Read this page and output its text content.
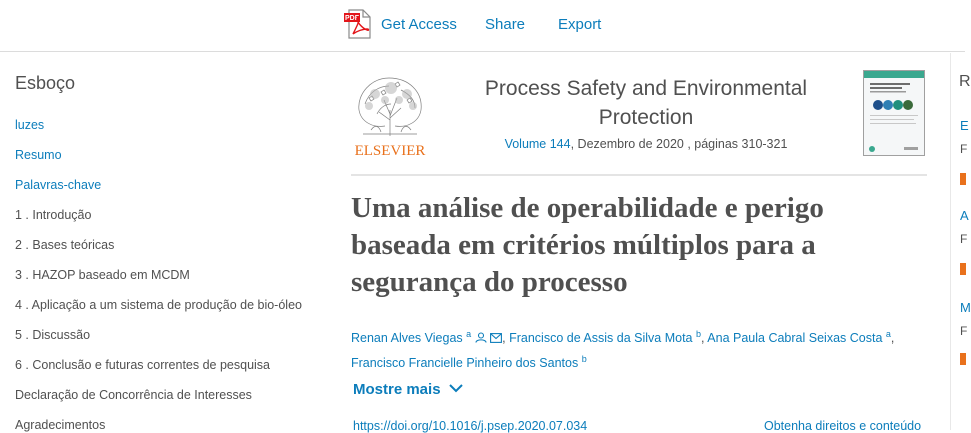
PDF Get Access Share Export
Esboço
luzes
Resumo
Palavras-chave
1 . Introdução
2 . Bases teóricas
3 . HAZOP baseado em MCDM
4 . Aplicação a um sistema de produção de bio-óleo
5 . Discussão
6 . Conclusão e futuras correntes de pesquisa
Declaração de Concorrência de Interesses
Agradecimentos
ELSEVIER
Process Safety and Environmental Protection
Volume 144, Dezembro de 2020 , páginas 310-321
Uma análise de operabilidade e perigo baseada em critérios múltiplos para a segurança do processo
Renan Alves Viegas $^a$ , Francisco de Assis da Silva Mota $^b$, Ana Paula Cabral Seixas Costa $^a$,
Francisco Francielle Pinheiro dos Santos $^b$
Mostre mais
https://doi.org/10.1016/j.psep.2020.07.034	Obtenha direitos e conteúdo
R
E
F
A
F
M
F
